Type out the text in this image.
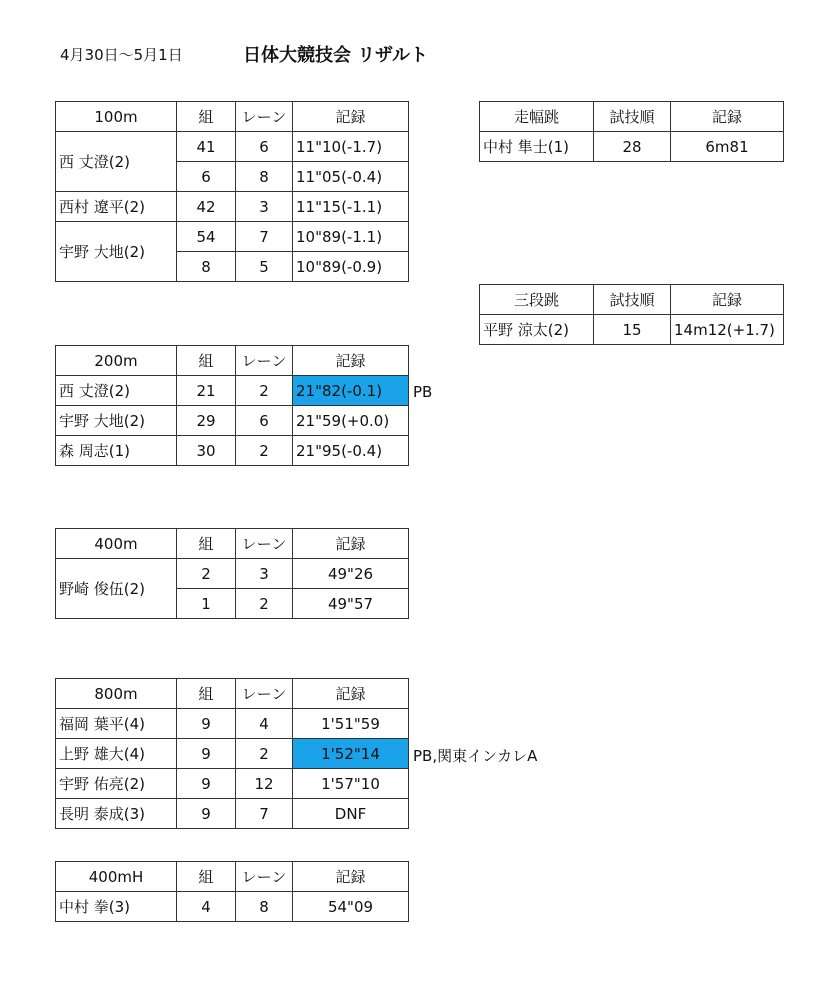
4月30日〜5月1日	日体大競技会 リザルト
100m	組	レーン	記録
西 丈澄(2)	41	6	11"10(-1.7)
	6	8	11"05(-0.4)
西村 遼平(2)	42	3	11"15(-1.1)
宇野 大地(2)	54	7	10"89(-1.1)
	8	5	10"89(-0.9)
200m	組	レーン	記録
西 丈澄(2)	21	2	21"82(-0.1)
宇野 大地(2)	29	6	21"59(+0.0)
森 周志(1)	30	2	21"95(-0.4)
PB
400m	組	レーン	記録
野崎 俊伍(2)	2	3	49"26
	1	2	49"57
800m	組	レーン	記録
福岡 葉平(4)	9	4	1'51"59
上野 雄大(4)	9	2	1'52"14
宇野 佑亮(2)	9	12	1'57"10
長明 泰成(3)	9	7	DNF
PB,関東インカレA
400mH	組	レーン	記録
中村 拳(3)	4	8	54"09
走幅跳	試技順	記録
中村 隼士(1)	28	6m81
三段跳	試技順	記録
平野 涼太(2)	15	14m12(+1.7)
